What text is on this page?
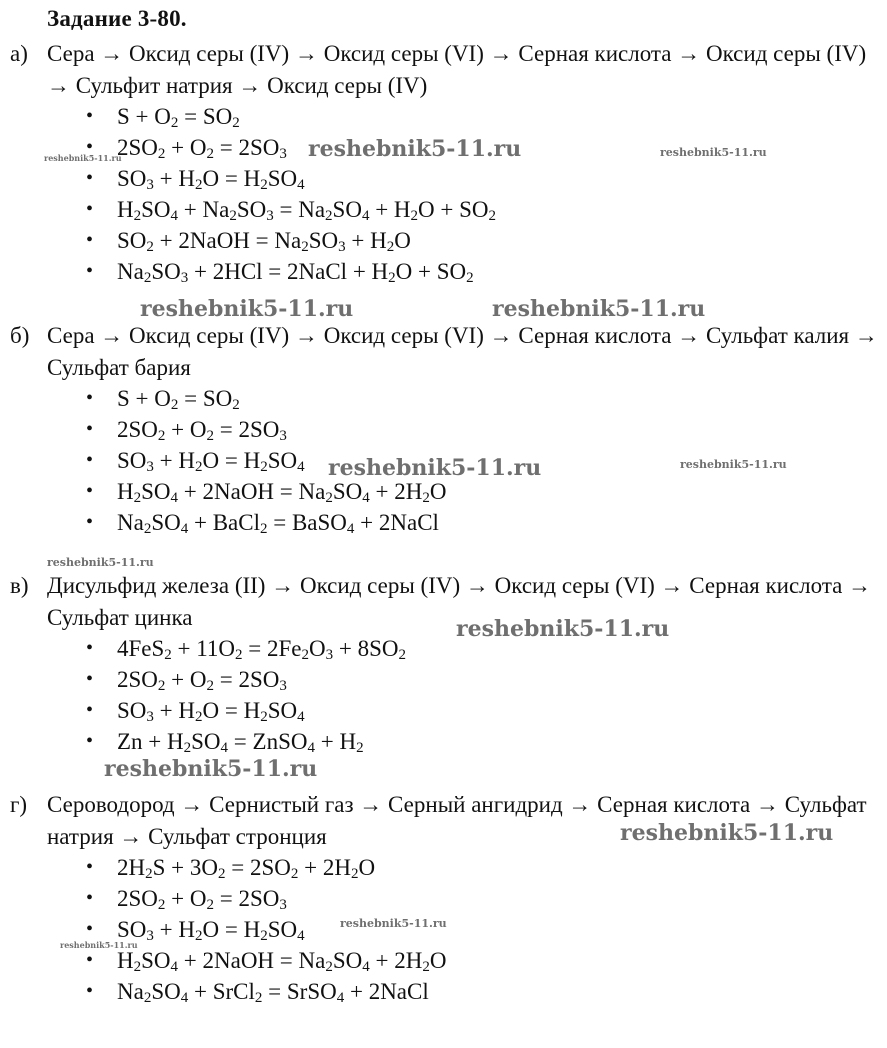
Задание 3-80.
а) Сера → Оксид серы (IV) → Оксид серы (VI) → Серная кислота → Оксид серы (IV) → Сульфит натрия → Оксид серы (IV)
• $S + O_2 = SO_2$
• $2SO_2 + O_2 = 2SO_3$
• $SO_3 + H_2O = H_2SO_4$
• $H_2SO_4 + Na_2SO_3 = Na_2SO_4 + H_2O + SO_2$
• $SO_2$ + 2NaOH = $Na_2SO_3 + H_2O$
• $Na_2SO_3 + 2HCl$ = 2NaCl + $H_2O + SO_2$
б) Сера → Оксид серы (IV) → Оксид серы (VI) → Серная кислота → Сульфат калия → Сульфат бария
• $S + O_2 = SO_2$
• $2SO_2 + O_2 = 2SO_3$
• $SO_3 + H_2O = H_2SO_4$
• $H_2SO_4$ + 2NaOH = $Na_2SO_4 + 2H_2O$
• $Na_2SO_4$ + BaCl$_2$ = BaSO$_4$ + 2NaCl
в) Дисульфид железа (II) → Оксид серы (IV) → Оксид серы (VI) → Серная кислота → Сульфат цинка
• $4FeS_2 + 11O_2 = 2Fe_2O_3 + 8SO_2$
• $2SO_2 + O_2 = 2SO_3$
• $SO_3 + H_2O = H_2SO_4$
• $Zn + H_2SO_4$ = ZnSO$_4$ + $H_2$
г) Сероводород → Сернистый газ → Серный ангидрид → Серная кислота → Сульфат натрия → Сульфат стронция
• $2H_2S + 3O_2 = 2SO_2 + 2H_2O$
• $2SO_2 + O_2 = 2SO_3$
• $SO_3 + H_2O = H_2SO_4$
• $H_2SO_4$ + 2NaOH = $Na_2SO_4 + 2H_2O$
• $Na_2SO_4$ + SrCl$_2$ = SrSO$_4$ + 2NaCl
reshebnik5-11.ru	reshebnik5-11.ru
reshebnik5-11.ru
reshebnik5-11.ru	reshebnik5-11.ru
reshebnik5-11.ru	reshebnik5-11.ru
reshebnik5-11.ru
reshebnik5-11.ru
reshebnik5-11.ru
reshebnik5-11.ru
reshebnik5-11.ru
reshebnik5-11.ru
